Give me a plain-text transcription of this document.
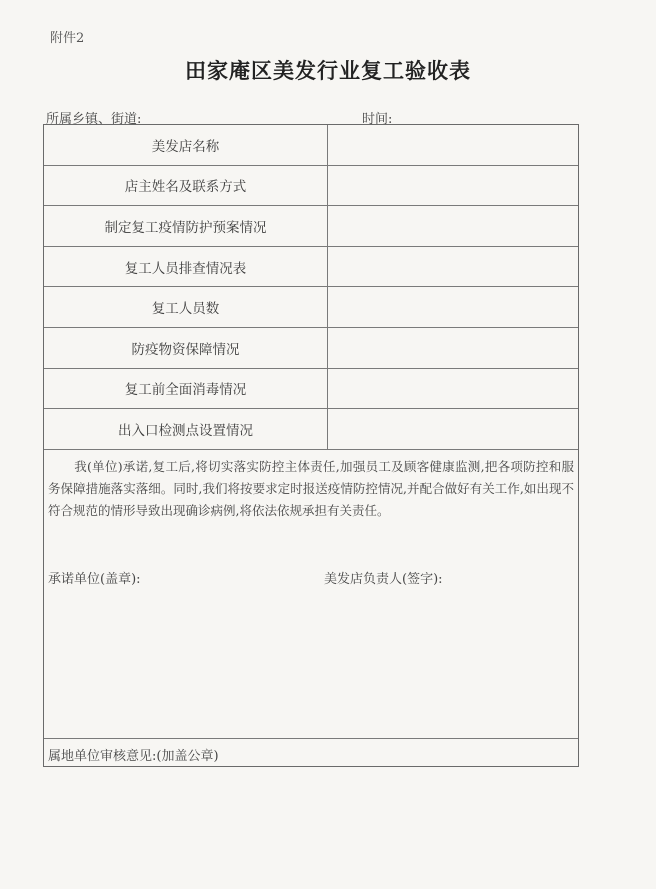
附件2
田家庵区美发行业复工验收表
所属乡镇、街道:	时间:
美发店名称
店主姓名及联系方式
制定复工疫情防护预案情况
复工人员排查情况表
复工人员数
防疫物资保障情况
复工前全面消毒情况
出入口检测点设置情况
我(单位)承诺,复工后,将切实落实防控主体责任,加强员工及顾客健康监测,把各项防控和服务保障措施落实落细。同时,我们将按要求定时报送疫情防控情况,并配合做好有关工作,如出现不符合规范的情形导致出现确诊病例,将依法依规承担有关责任。
承诺单位(盖章):	美发店负责人(签字):
属地单位审核意见:(加盖公章)
